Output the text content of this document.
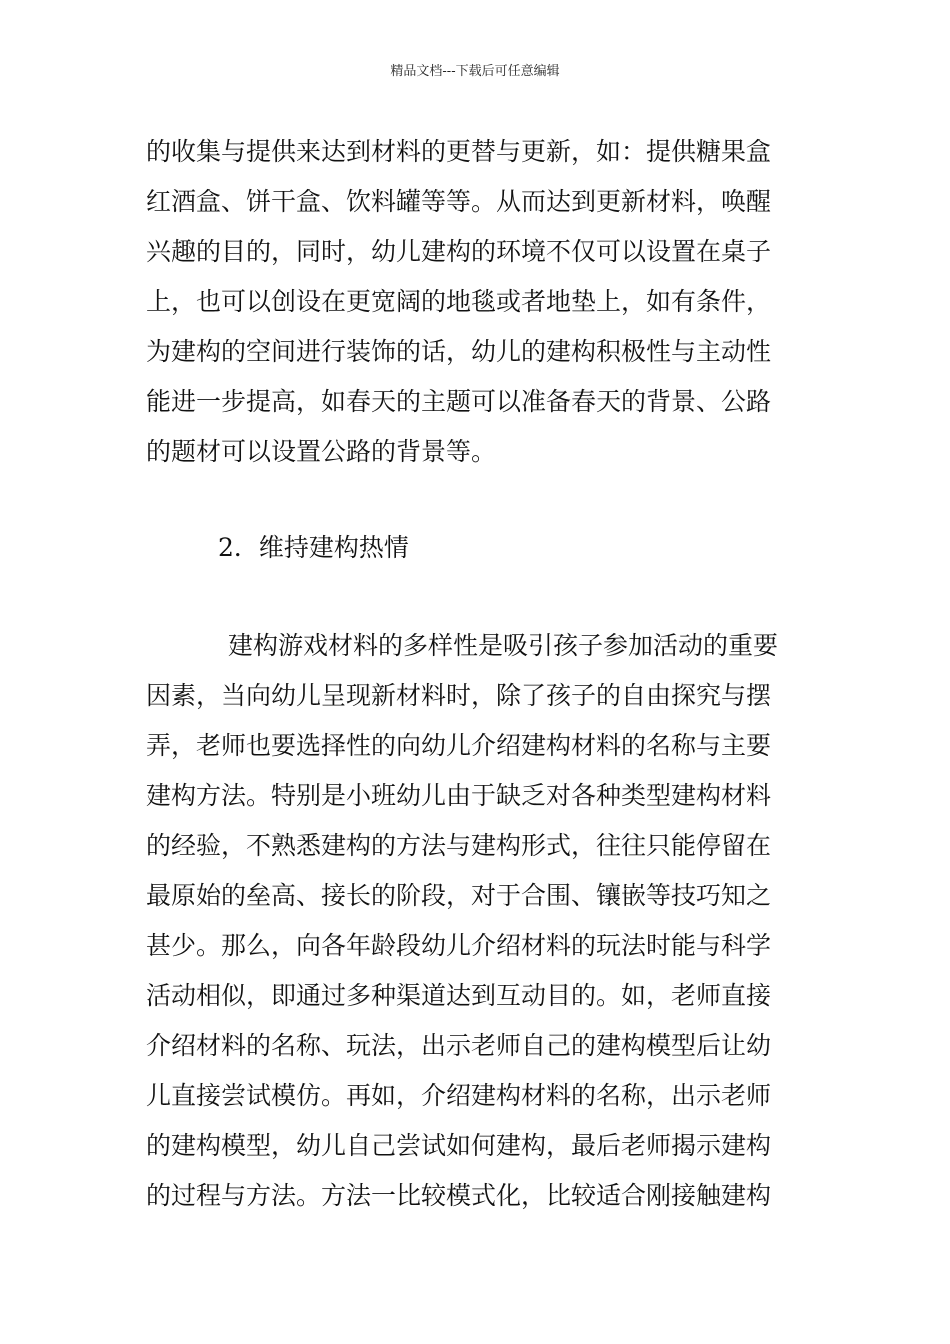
精品文档---下载后可任意编辑
的收集与提供来达到材料的更替与更新，如：提供糖果盒
红酒盒、饼干盒、饮料罐等等。从而达到更新材料，唤醒
兴趣的目的，同时，幼儿建构的环境不仅可以设置在桌子
上，也可以创设在更宽阔的地毯或者地垫上，如有条件，
为建构的空间进行装饰的话，幼儿的建构积极性与主动性
能进一步提高，如春天的主题可以准备春天的背景、公路
的题材可以设置公路的背景等。
2．维持建构热情
建构游戏材料的多样性是吸引孩子参加活动的重要
因素，当向幼儿呈现新材料时，除了孩子的自由探究与摆
弄，老师也要选择性的向幼儿介绍建构材料的名称与主要
建构方法。特别是小班幼儿由于缺乏对各种类型建构材料
的经验，不熟悉建构的方法与建构形式，往往只能停留在
最原始的垒高、接长的阶段，对于合围、镶嵌等技巧知之
甚少。那么，向各年龄段幼儿介绍材料的玩法时能与科学
活动相似，即通过多种渠道达到互动目的。如，老师直接
介绍材料的名称、玩法，出示老师自己的建构模型后让幼
儿直接尝试模仿。再如，介绍建构材料的名称，出示老师
的建构模型，幼儿自己尝试如何建构，最后老师揭示建构
的过程与方法。方法一比较模式化，比较适合刚接触建构
